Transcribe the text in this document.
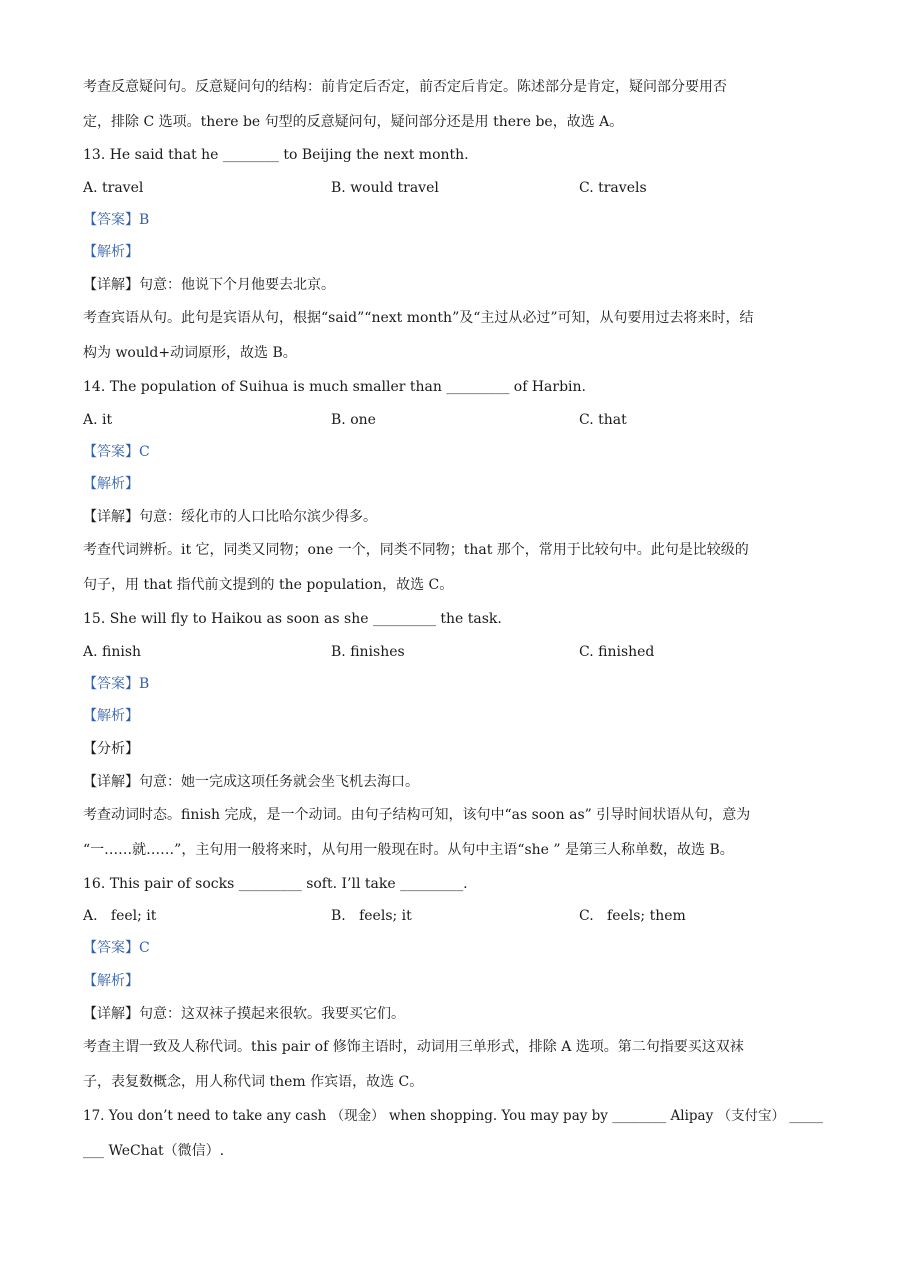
考查反意疑问句。反意疑问句的结构：前肯定后否定，前否定后肯定。陈述部分是肯定，疑问部分要用否
定，排除 C 选项。there be 句型的反意疑问句，疑问部分还是用 there be，故选 A。
13. He said that he ________ to Beijing the next month.
A. travel	B. would travel	C. travels
【答案】B
【解析】
【详解】句意：他说下个月他要去北京。
考查宾语从句。此句是宾语从句，根据“said”“next month”及“主过从必过”可知，从句要用过去将来时，结
构为 would+动词原形，故选 B。
14. The population of Suihua is much smaller than _________ of Harbin.
A. it	B. one	C. that
【答案】C
【解析】
【详解】句意：绥化市的人口比哈尔滨少得多。
考查代词辨析。it 它，同类又同物；one 一个，同类不同物；that 那个，常用于比较句中。此句是比较级的
句子，用 that 指代前文提到的 the population，故选 C。
15. She will fly to Haikou as soon as she _________ the task.
A. finish	B. finishes	C. finished
【答案】B
【解析】
【分析】
【详解】句意：她一完成这项任务就会坐飞机去海口。
考查动词时态。finish 完成，是一个动词。由句子结构可知，该句中“as soon as” 引导时间状语从句，意为
“一……就……”，主句用一般将来时，从句用一般现在时。从句中主语“she ” 是第三人称单数，故选 B。
16. This pair of socks _________ soft. I’ll take _________.
A.   feel; it	B.   feels; it	C.   feels; them
【答案】C
【解析】
【详解】句意：这双袜子摸起来很软。我要买它们。
考查主谓一致及人称代词。this pair of 修饰主语时，动词用三单形式，排除 A 选项。第二句指要买这双袜
子，表复数概念，用人称代词 them 作宾语，故选 C。
17. You don’t need to take any cash （现金） when shopping. You may pay by ________ Alipay （支付宝） _____
___ WeChat（微信）.
